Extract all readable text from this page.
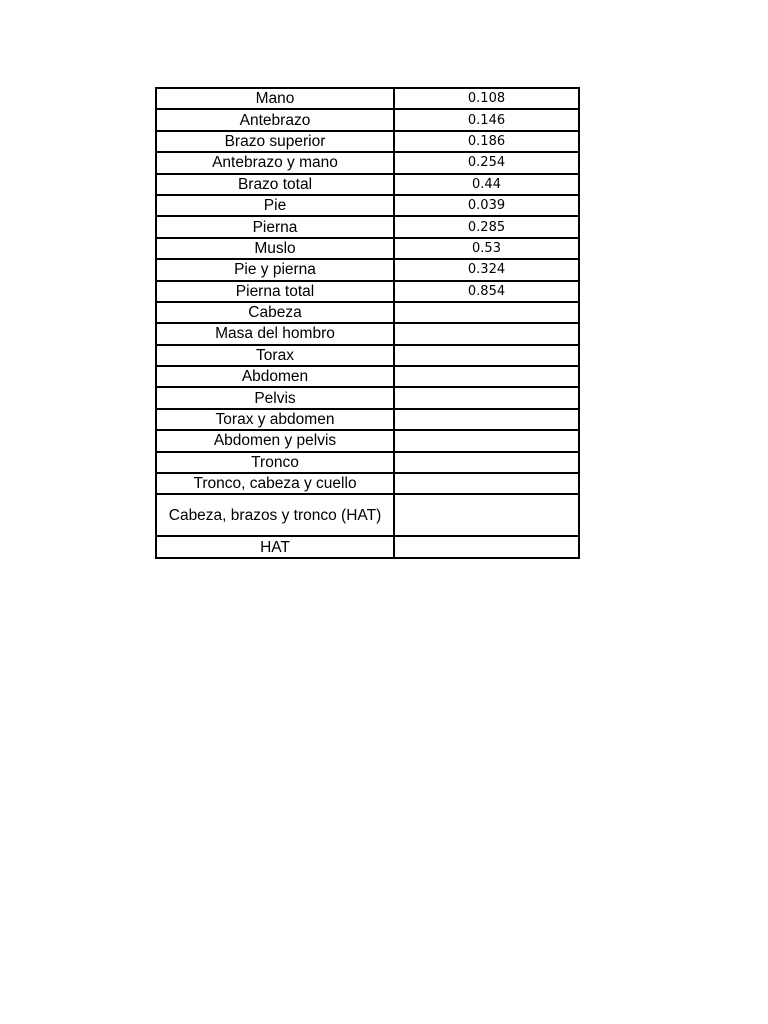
Mano	0.108
Antebrazo	0.146
Brazo superior	0.186
Antebrazo y mano	0.254
Brazo total	0.44
Pie	0.039
Pierna	0.285
Muslo	0.53
Pie y pierna	0.324
Pierna total	0.854
Cabeza	
Masa del hombro	
Torax	
Abdomen	
Pelvis	
Torax y abdomen	
Abdomen y pelvis	
Tronco	
Tronco, cabeza y cuello	
Cabeza, brazos y tronco (HAT)	
HAT	
